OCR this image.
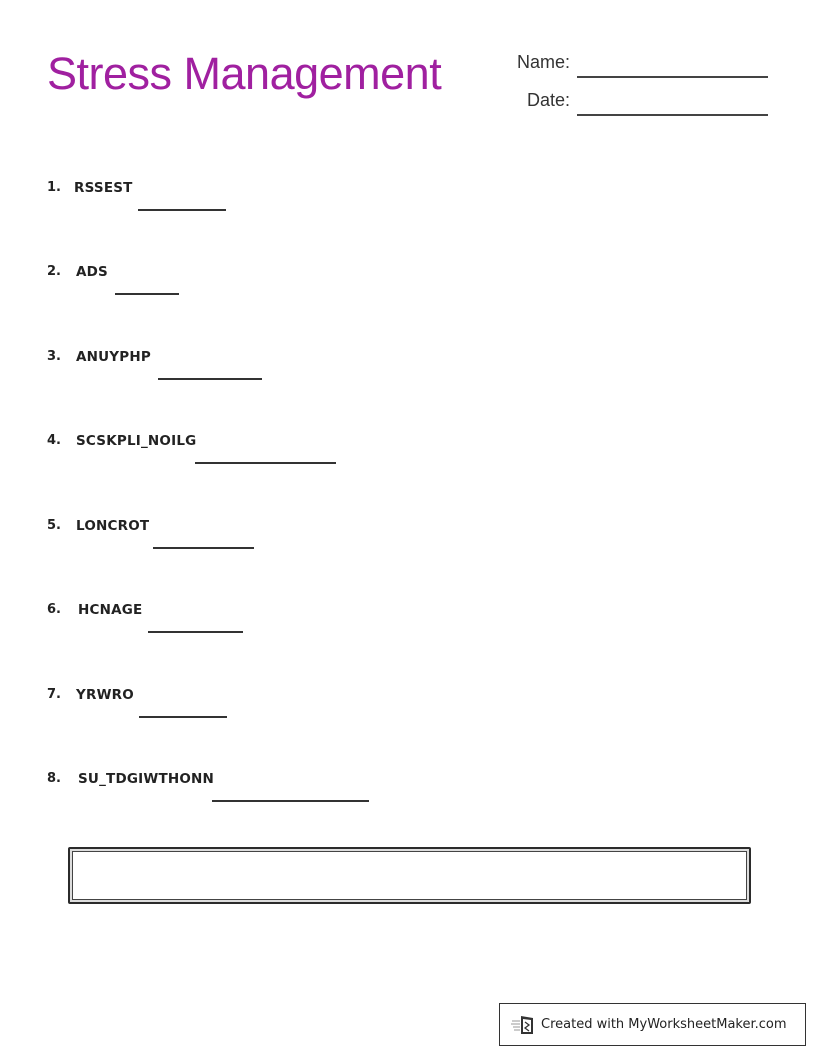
Stress Management	Name:
Date:
1. RSSEST
2. ADS
3. ANUYPHP
4. SCSKPLI_NOILG
5. LONCROT
6. HCNAGE
7. YRWRO
8. SU_TDGIWTHONN
Created with MyWorksheetMaker.com
